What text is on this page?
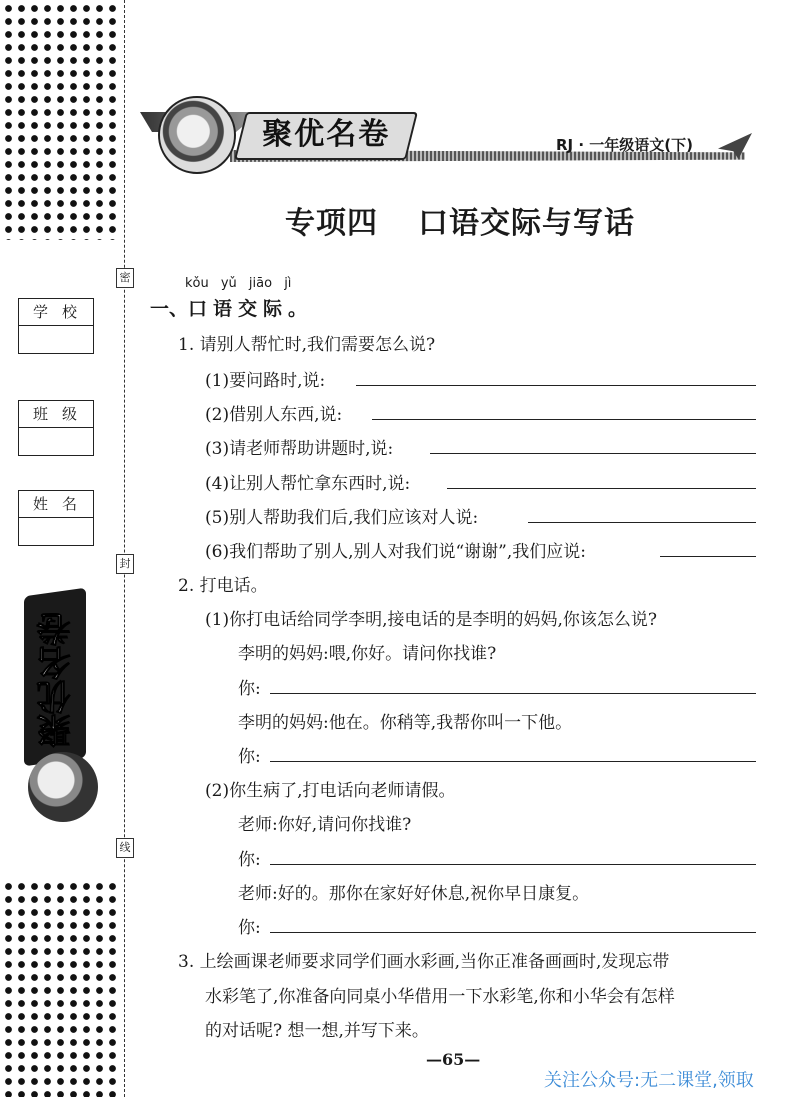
密
封
线
学校
班级
姓名
聚优名卷
聚优名卷	RJ · 一年级语文(下)
专项四 口语交际与写话
kǒu yǔ jiāo jì
一、口语交际。
1. 请别人帮忙时,我们需要怎么说?
(1)要问路时,说:
(2)借别人东西,说:
(3)请老师帮助讲题时,说:
(4)让别人帮忙拿东西时,说:
(5)别人帮助我们后,我们应该对人说:
(6)我们帮助了别人,别人对我们说“谢谢”,我们应说:
2. 打电话。
(1)你打电话给同学李明,接电话的是李明的妈妈,你该怎么说?
李明的妈妈:喂,你好。请问你找谁?
你:
李明的妈妈:他在。你稍等,我帮你叫一下他。
你:
(2)你生病了,打电话向老师请假。
老师:你好,请问你找谁?
你:
老师:好的。那你在家好好休息,祝你早日康复。
你:
3. 上绘画课老师要求同学们画水彩画,当你正准备画画时,发现忘带
水彩笔了,你准备向同桌小华借用一下水彩笔,你和小华会有怎样
的对话呢? 想一想,并写下来。
—65—
关注公众号:无二课堂,领取
